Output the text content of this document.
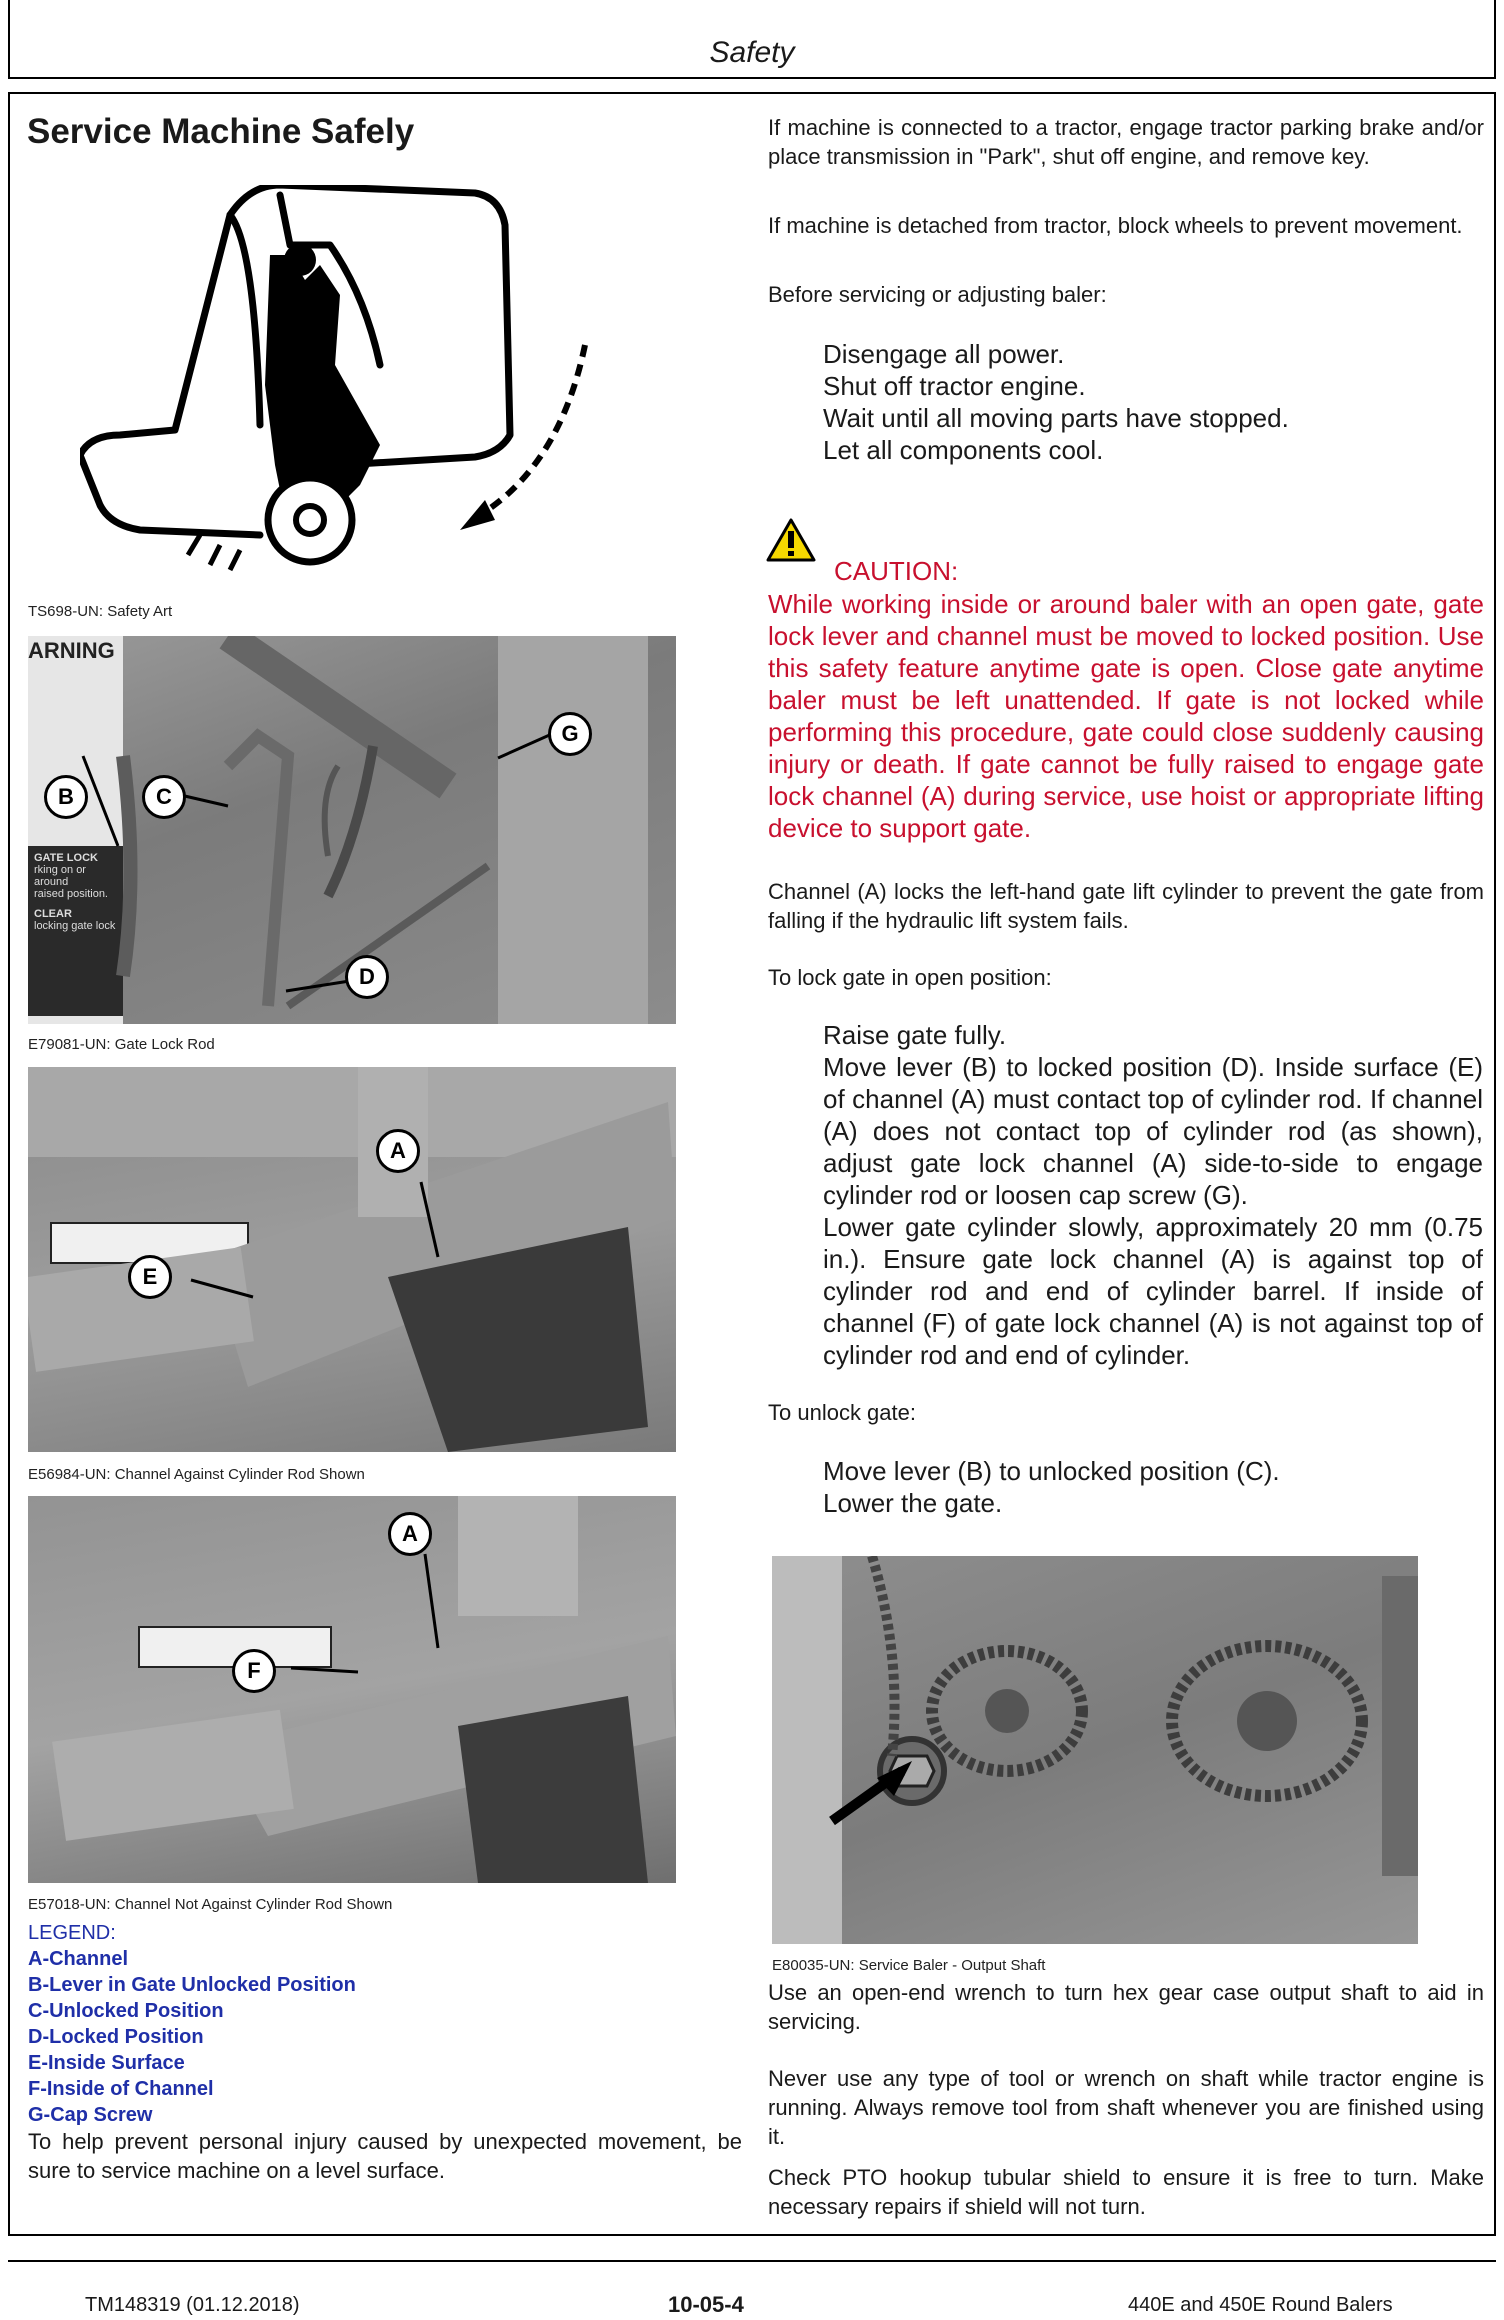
Safety
Service Machine Safely
TS698-UN: Safety Art
ARNING
GATE LOCK
rking on or around
raised position.
CLEAR
locking gate lock
B	C
D
G
E79081-UN: Gate Lock Rod
A
E
E56984-UN: Channel Against Cylinder Rod Shown
A
F
E57018-UN: Channel Not Against Cylinder Rod Shown
LEGEND:
A-Channel
B-Lever in Gate Unlocked Position
C-Unlocked Position
D-Locked Position
E-Inside Surface
F-Inside of Channel
G-Cap Screw
To help prevent personal injury caused by unexpected movement, be sure to service machine on a level surface.
If machine is connected to a tractor, engage tractor parking brake and/or place transmission in "Park", shut off engine, and remove key.
If machine is detached from tractor, block wheels to prevent movement.
Before servicing or adjusting baler:
Disengage all power.
Shut off tractor engine.
Wait until all moving parts have stopped.
Let all components cool.
CAUTION:
While working inside or around baler with an open gate, gate lock lever and channel must be moved to locked position. Use this safety feature anytime gate is open. Close gate anytime baler must be left unattended. If gate is not locked while performing this procedure, gate could close suddenly causing injury or death. If gate cannot be fully raised to engage gate lock channel (A) during service, use hoist or appropriate lifting device to support gate.
Channel (A) locks the left-hand gate lift cylinder to prevent the gate from falling if the hydraulic lift system fails.
To lock gate in open position:
Raise gate fully.
Move lever (B) to locked position (D). Inside surface (E) of channel (A) must contact top of cylinder rod. If channel (A) does not contact top of cylinder rod (as shown), adjust gate lock channel (A) side-to-side to engage cylinder rod or loosen cap screw (G).
Lower gate cylinder slowly, approximately 20 mm (0.75 in.). Ensure gate lock channel (A) is against top of cylinder rod and end of cylinder barrel. If inside of channel (F) of gate lock channel (A) is not against top of cylinder rod and end of cylinder.
To unlock gate:
Move lever (B) to unlocked position (C).
Lower the gate.
E80035-UN: Service Baler - Output Shaft
Use an open-end wrench to turn hex gear case output shaft to aid in servicing.
Never use any type of tool or wrench on shaft while tractor engine is running. Always remove tool from shaft whenever you are finished using it.
Check PTO hookup tubular shield to ensure it is free to turn. Make necessary repairs if shield will not turn.
TM148319 (01.12.2018)	10-05-4	440E and 450E Round Balers
